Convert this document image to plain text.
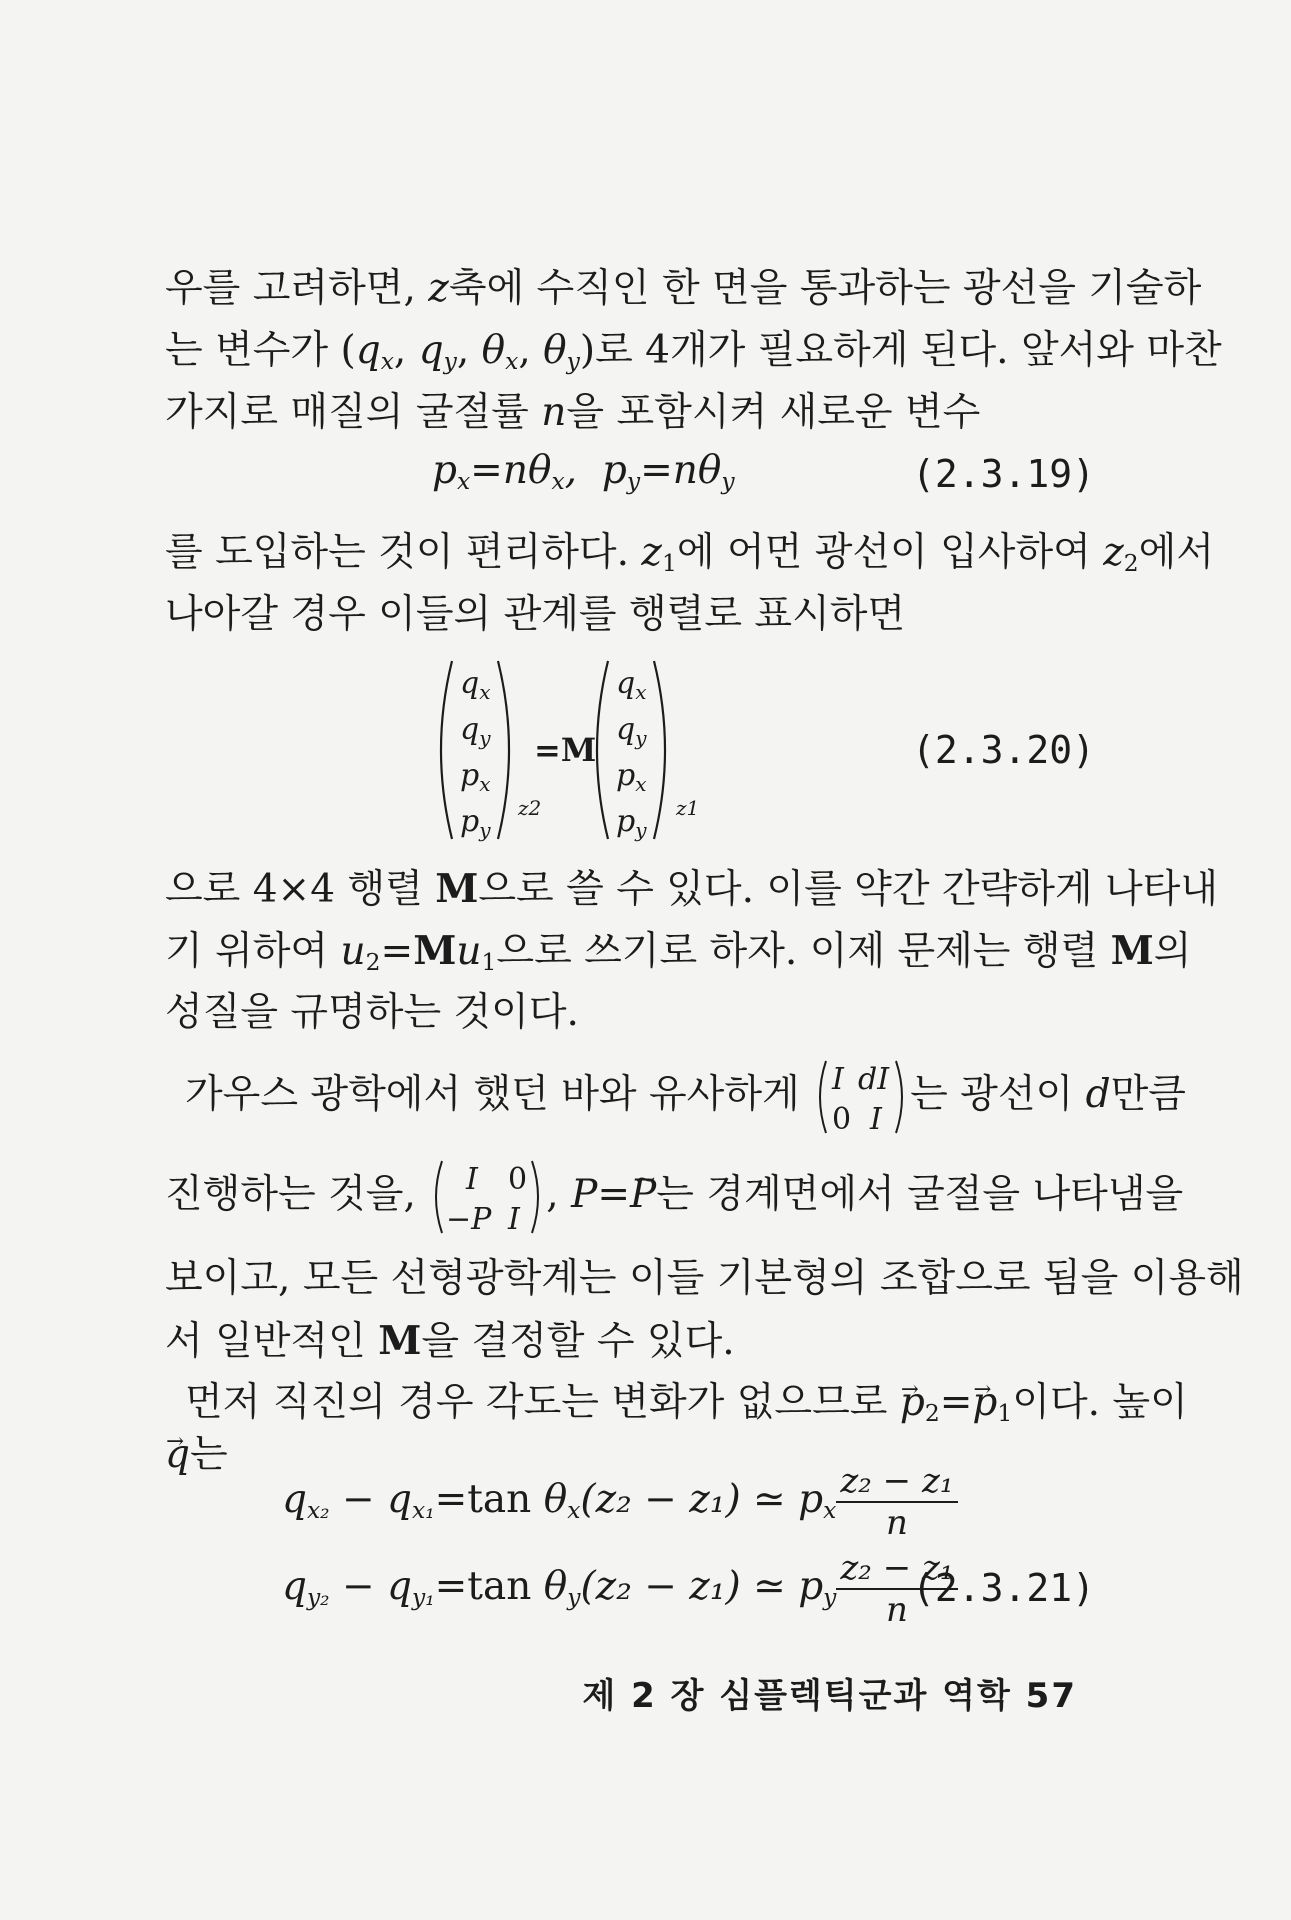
우를 고려하면, z축에 수직인 한 면을 통과하는 광선을 기술하
는 변수가 ($q_x$, $q_y$, $\theta_x$, $\theta_y$)로 4개가 필요하게 된다. 앞서와 마찬
가지로 매질의 굴절률 n을 포함시켜 새로운 변수
$p_x=n\theta_x$,  $p_y=n\theta_y$	(2.3.19)
를 도입하는 것이 편리하다. $z_1$에 어먼 광선이 입사하여 $z_2$에서
나아갈 경우 이들의 관계를 행렬로 표시하면
$q_x$
$q_y$
$p_x$
$p_y$
$q_x$
$q_y$
$p_x$
$p_y$
z2	z1
=M	(2.3.20)
으로 4×4 행렬 M으로 쓸 수 있다. 이를 약간 간략하게 나타내
기 위하여 $u_2=Mu_1$으로 쓰기로 하자. 이제 문제는 행렬 M의
성질을 규명하는 것이다.
가우스 광학에서 했던 바와 유사하게 I dI
0 I
는 광선이 d만큼
진행하는 것을, I 0
−P I
, P=~ P는 경계면에서 굴절을 나타냄을
보이고, 모든 선형광학계는 이들 기본형의 조합으로 됨을 이용해
서 일반적인 M을 결정할 수 있다.
먼저 직진의 경우 각도는 변화가 없으므로 → $p_2=\to p_1$이다. 높이
→ q는
$q_{x_2} - q_{x_1}=\tan$ $\theta_x(z_2 - z_1)$ ≃ $p_x \frac{\text{z₂ − z₁}}{n}$
$q_{y_2} - q_{y_1}=\tan$ $\theta_y(z_2 - z_1)$ ≃ $p_y \frac{\text{z₂ − z₁}}{n}$
(2.3.21)
제 2 장 심플렉틱군과 역학 57
